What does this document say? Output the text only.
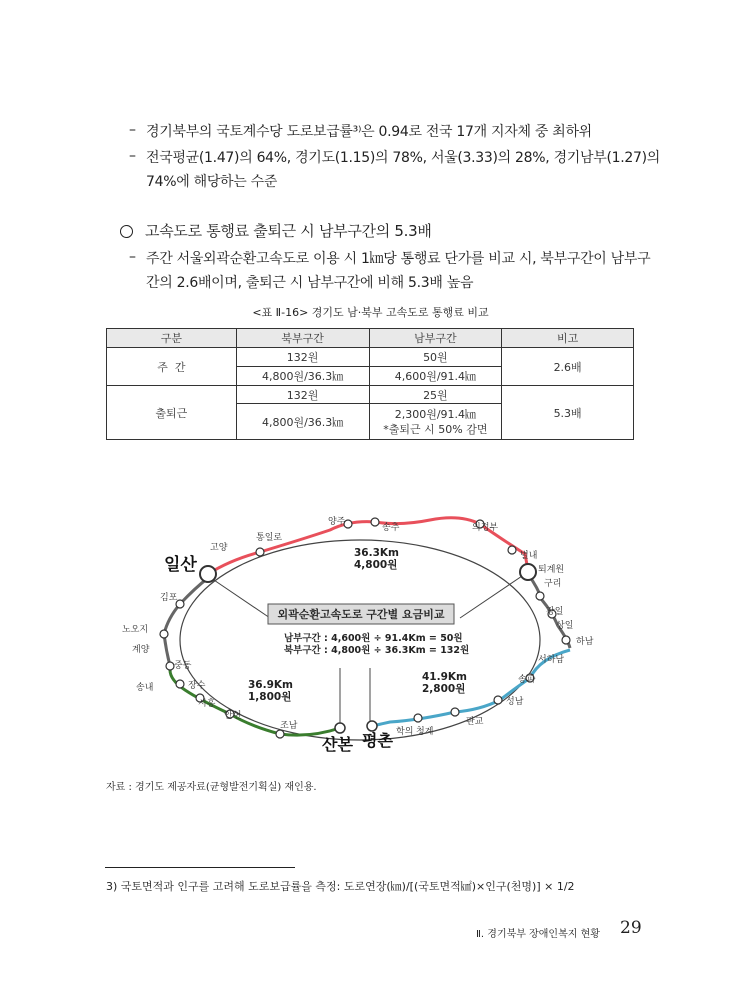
– 경기북부의 국토계수당 도로보급률³⁾은 0.94로 전국 17개 지자체 중 최하위
– 전국평균(1.47)의 64%, 경기도(1.15)의 78%, 서울(3.33)의 28%, 경기남부(1.27)의
74%에 해당하는 수준
고속도로 통행료 출퇴근 시 남부구간의 5.3배
– 주간 서울외곽순환고속도로 이용 시 1㎞당 통행료 단가를 비교 시, 북부구간이 남부구
간의 2.6배이며, 출퇴근 시 남부구간에 비해 5.3배 높음
<표 Ⅱ-16> 경기도 남·북부 고속도로 통행료 비교
구분	북부구간	남부구간	비고
주  간	132원	50원	2.6배
	4,800원/36.3㎞	4,600원/91.4㎞	
출퇴근	132원	25원	5.3배
	4,800원/36.3㎞	2,300원/91.4㎞
*출퇴근 시 50% 감면	
외곽순환고속도로 구간별 요금비교
남부구간 : 4,600원 ÷ 91.4Km = 50원
북부구간 : 4,800원 ÷ 36.3Km = 132원
36.3Km
4,800원
36.9Km
1,800원
41.9Km
2,800원
일산
산본 평촌
고양
통일로
양주
송추	의정부
별내
퇴계원
구리
강일
상일
하남
서하남
송파
성남
판교
학의 청계
조남
안현
시흥
장수
중동
송내
계양
노오지
김포
자료 : 경기도 제공자료(균형발전기획실) 재인용.
3) 국토면적과 인구를 고려해 도로보급률을 측정: 도로연장(㎞)/[(국토면적㎢)×인구(천명)] × 1/2
Ⅱ. 경기북부 장애인복지 현황 29
